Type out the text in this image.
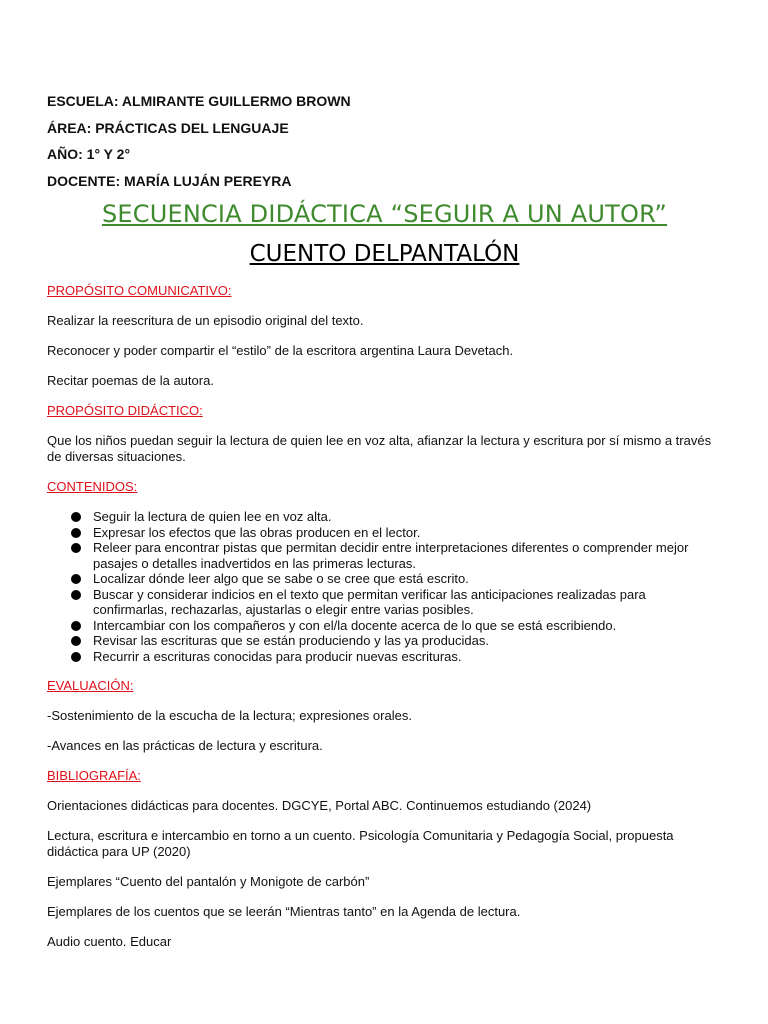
ESCUELA: ALMIRANTE GUILLERMO BROWN
ÁREA: PRÁCTICAS DEL LENGUAJE
AÑO: 1° Y 2°
DOCENTE: MARÍA LUJÁN PEREYRA
SECUENCIA DIDÁCTICA “SEGUIR A UN AUTOR”
CUENTO DELPANTALÓN
PROPÓSITO COMUNICATIVO:
Realizar la reescritura de un episodio original del texto.
Reconocer y poder compartir el “estilo” de la escritora argentina Laura Devetach.
Recitar poemas de la autora.
PROPÓSITO DIDÁCTICO:
Que los niños puedan seguir la lectura de quien lee en voz alta, afianzar la lectura y escritura por sí mismo a través de diversas situaciones.
CONTENIDOS:
Seguir la lectura de quien lee en voz alta.
Expresar los efectos que las obras producen en el lector.
Releer para encontrar pistas que permitan decidir entre interpretaciones diferentes o comprender mejor pasajes o detalles inadvertidos en las primeras lecturas.
Localizar dónde leer algo que se sabe o se cree que está escrito.
Buscar y considerar indicios en el texto que permitan verificar las anticipaciones realizadas para confirmarlas, rechazarlas, ajustarlas o elegir entre varias posibles.
Intercambiar con los compañeros y con el/la docente acerca de lo que se está escribiendo.
Revisar las escrituras que se están produciendo y las ya producidas.
Recurrir a escrituras conocidas para producir nuevas escrituras.
EVALUACIÓN:
-Sostenimiento de la escucha de la lectura; expresiones orales.
-Avances en las prácticas de lectura y escritura.
BIBLIOGRAFÍA:
Orientaciones didácticas para docentes. DGCYE, Portal ABC. Continuemos estudiando (2024)
Lectura, escritura e intercambio en torno a un cuento. Psicología Comunitaria y Pedagogía Social, propuesta didáctica para UP (2020)
Ejemplares “Cuento del pantalón y Monigote de carbón”
Ejemplares de los cuentos que se leerán “Mientras tanto” en la Agenda de lectura.
Audio cuento. Educar
